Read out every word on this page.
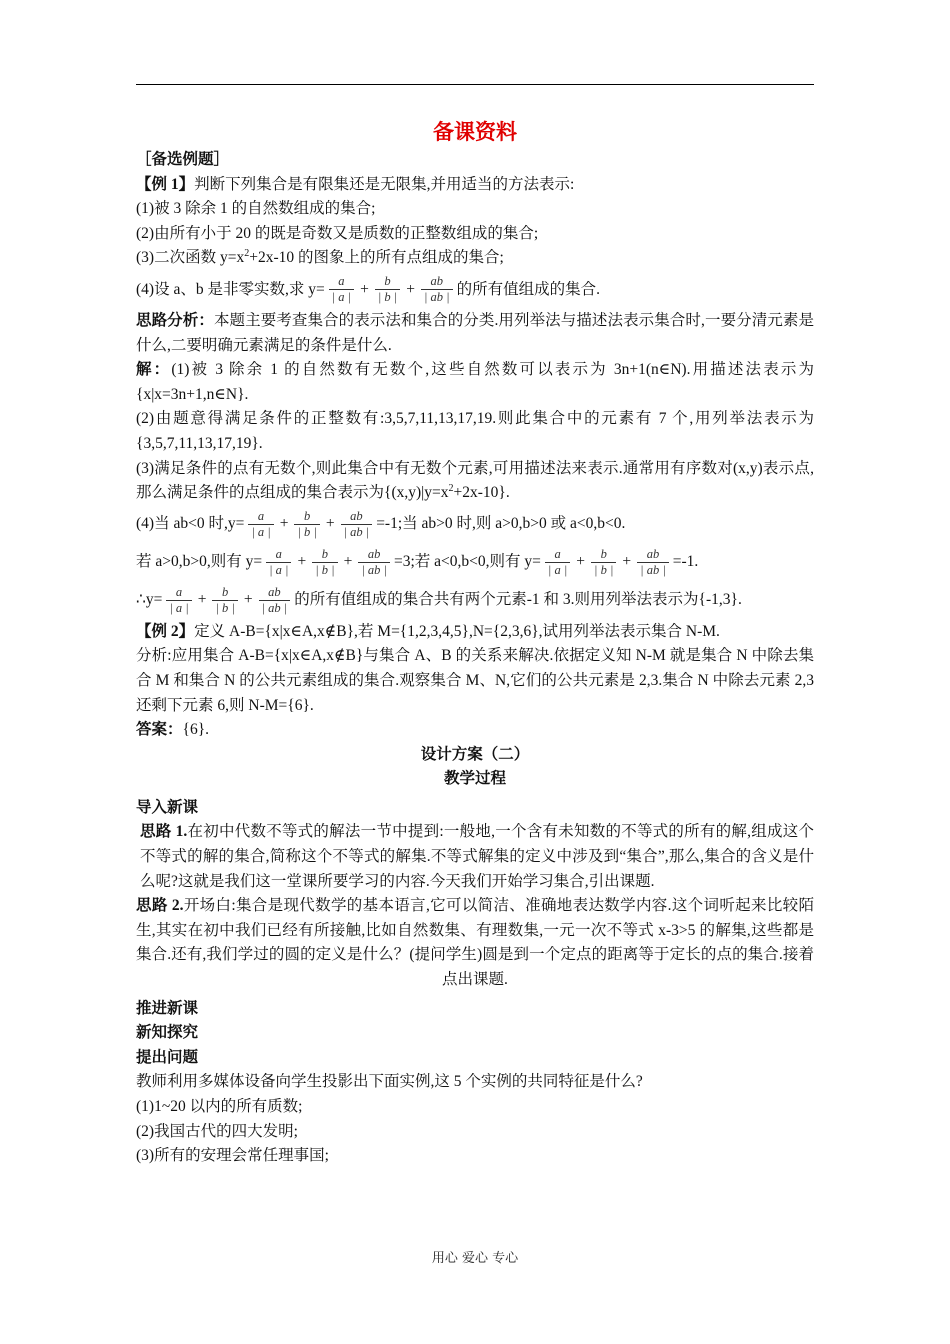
备课资料

［备选例题］

【例 1】判断下列集合是有限集还是无限集,并用适当的方法表示:

(1)被 3 除余 1 的自然数组成的集合;

(2)由所有小于 20 的既是奇数又是质数的正整数组成的集合;

(3)二次函数 $y=x^2+2x-10$ 的图象上的所有点组成的集合;

(4)设 a、b 是非零实数,求 $y= \frac{a}{| a |} + \frac{b}{| b |} + \frac{ab}{| ab |}$ 的所有值组成的集合.

思路分析：本题主要考查集合的表示法和集合的分类.用列举法与描述法表示集合时,一要分清元素是什么,二要明确元素满足的条件是什么.

解：(1)被 3 除余 1 的自然数有无数个,这些自然数可以表示为 3n+1(n∈N).用描述法表示为{x|x=3n+1,n∈N}.

(2)由题意得满足条件的正整数有:3,5,7,11,13,17,19.则此集合中的元素有 7 个,用列举法表示为{3,5,7,11,13,17,19}.

(3)满足条件的点有无数个,则此集合中有无数个元素,可用描述法来表示.通常用有序数对(x,y)表示点,那么满足条件的点组成的集合表示为$\{(x,y)|y=x^2+2x-10\}$.

(4)当 ab<0 时$,y= \frac{a}{| a |} + \frac{b}{| b |} + \frac{ab}{| ab |} =-1$;当 ab>0 时,则 a>0,b>0 或 a<0,b<0.
若 a>0,b>0,则有 $y= \frac{a}{| a |} + \frac{b}{| b |} + \frac{ab}{| ab |} =3$;若 a<0,b<0,则有 $y= \frac{a}{| a |} + \frac{b}{| b |} + \frac{ab}{| ab |} =-1$.
∴y= $\frac{a}{| a |} + \frac{b}{| b |} + \frac{ab}{| ab |}$ 的所有值组成的集合共有两个元素-1 和 3.则用列举法表示为{-1,3}.

【例 2】定义 A-B={x|x∈A,x∉B},若 M={1,2,3,4,5},N={2,3,6},试用列举法表示集合 N-M.

分析:应用集合 A-B={x|x∈A,x∉B}与集合 A、B 的关系来解决.依据定义知 N-M 就是集合 N 中除去集合 M 和集合 N 的公共元素组成的集合.观察集合 M、N,它们的公共元素是 2,3.集合 N 中除去元素 2,3 还剩下元素 6,则 N-M={6}.

答案：{6}.

设计方案（二）

教学过程

导入新课

思路 1.在初中代数不等式的解法一节中提到:一般地,一个含有未知数的不等式的所有的解,组成这个不等式的解的集合,简称这个不等式的解集.不等式解集的定义中涉及到“集合”,那么,集合的含义是什么呢?这就是我们这一堂课所要学习的内容.今天我们开始学习集合,引出课题.

思路 2.开场白:集合是现代数学的基本语言,它可以简洁、准确地表达数学内容.这个词听起来比较陌生,其实在初中我们已经有所接触,比如自然数集、有理数集,一元一次不等式 x-3>5 的解集,这些都是集合.还有,我们学过的圆的定义是什么？(提问学生)圆是到一个定点的距离等于定长的点的集合.接着点出课题.

推进新课

新知探究

提出问题

教师利用多媒体设备向学生投影出下面实例,这 5 个实例的共同特征是什么?

(1)1~20 以内的所有质数;

(2)我国古代的四大发明;

(3)所有的安理会常任理事国;

用心 爱心 专心
